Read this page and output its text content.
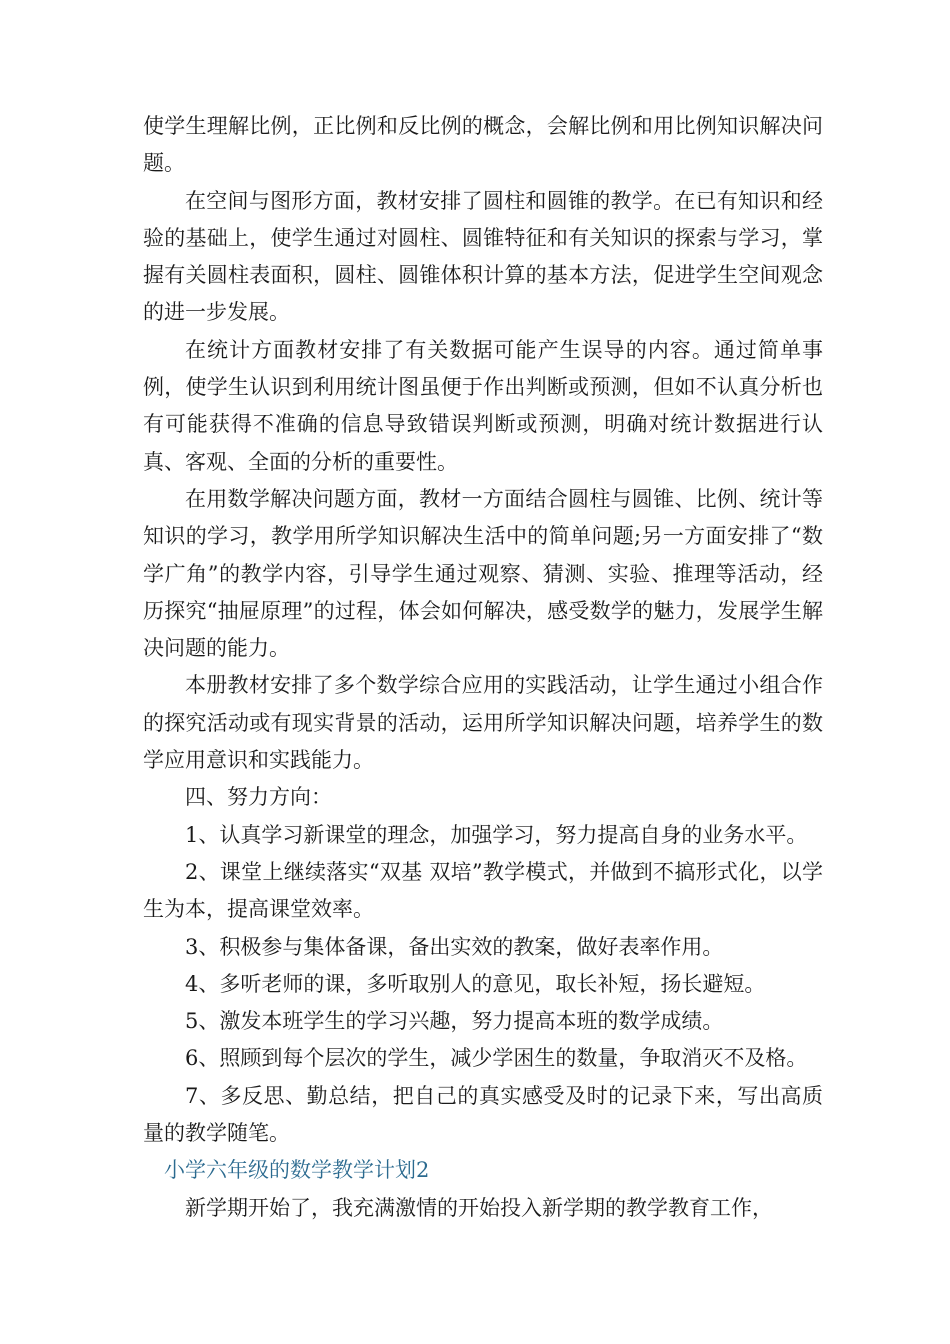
使学生理解比例，正比例和反比例的概念，会解比例和用比例知识解决问题。

在空间与图形方面，教材安排了圆柱和圆锥的教学。在已有知识和经验的基础上，使学生通过对圆柱、圆锥特征和有关知识的探索与学习，掌握有关圆柱表面积，圆柱、圆锥体积计算的基本方法，促进学生空间观念的进一步发展。

在统计方面教材安排了有关数据可能产生误导的内容。通过简单事例，使学生认识到利用统计图虽便于作出判断或预测，但如不认真分析也有可能获得不准确的信息导致错误判断或预测，明确对统计数据进行认真、客观、全面的分析的重要性。

在用数学解决问题方面，教材一方面结合圆柱与圆锥、比例、统计等知识的学习，教学用所学知识解决生活中的简单问题;另一方面安排了“数学广角”的教学内容，引导学生通过观察、猜测、实验、推理等活动，经历探究“抽屉原理”的过程，体会如何解决，感受数学的魅力，发展学生解决问题的能力。

本册教材安排了多个数学综合应用的实践活动，让学生通过小组合作的探究活动或有现实背景的活动，运用所学知识解决问题，培养学生的数学应用意识和实践能力。

四、努力方向：

1、认真学习新课堂的理念，加强学习，努力提高自身的业务水平。

2、课堂上继续落实“双基 双培”教学模式，并做到不搞形式化，以学生为本，提高课堂效率。

3、积极参与集体备课，备出实效的教案，做好表率作用。

4、多听老师的课，多听取别人的意见，取长补短，扬长避短。

5、激发本班学生的学习兴趣，努力提高本班的数学成绩。

6、照顾到每个层次的学生，减少学困生的数量，争取消灭不及格。

7、多反思、勤总结，把自己的真实感受及时的记录下来，写出高质量的教学随笔。

小学六年级的数学教学计划2

新学期开始了，我充满激情的开始投入新学期的教学教育工作，
